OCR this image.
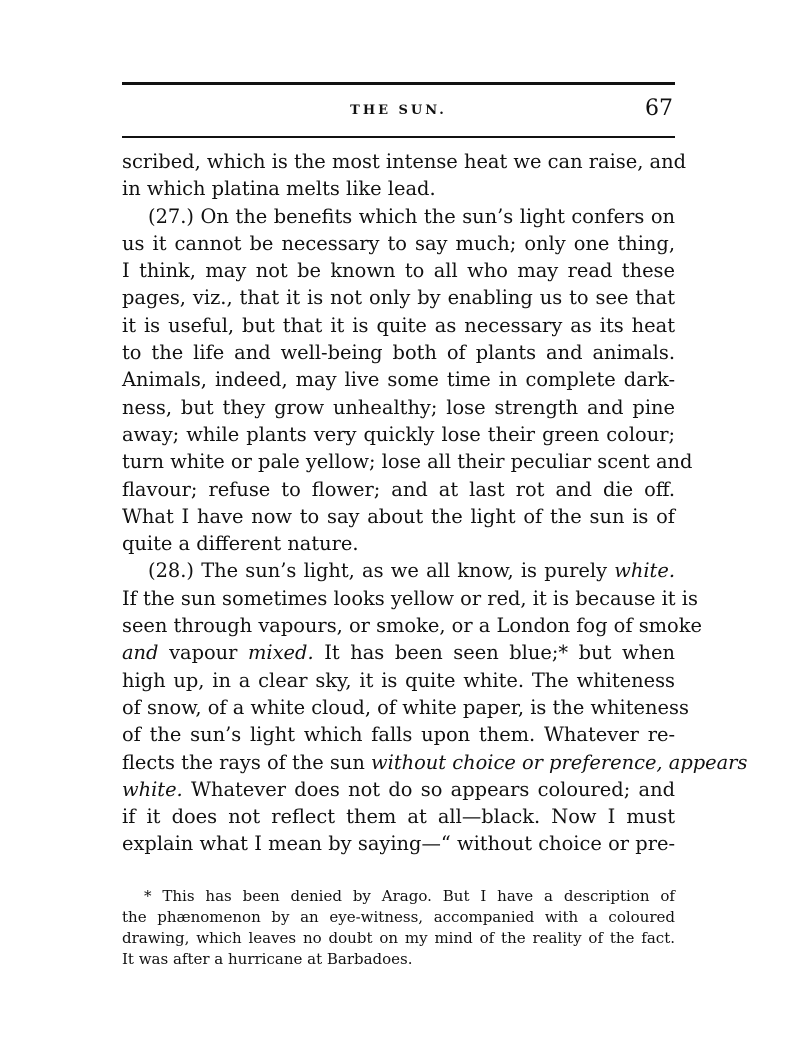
THE SUN.	67
scribed, which is the most intense heat we can raise, and
in which platina melts like lead.
(27.) On the benefits which the sun’s light confers on
us it cannot be necessary to say much; only one thing,
I think, may not be known to all who may read these
pages, viz., that it is not only by enabling us to see that
it is useful, but that it is quite as necessary as its heat
to the life and well-being both of plants and animals.
Animals, indeed, may live some time in complete dark-
ness, but they grow unhealthy; lose strength and pine
away; while plants very quickly lose their green colour;
turn white or pale yellow; lose all their peculiar scent and
flavour; refuse to flower; and at last rot and die off.
What I have now to say about the light of the sun is of
quite a different nature.
(28.) The sun’s light, as we all know, is purely white.
If the sun sometimes looks yellow or red, it is because it is
seen through vapours, or smoke, or a London fog of smoke
and vapour mixed. It has been seen blue;* but when
high up, in a clear sky, it is quite white. The whiteness
of snow, of a white cloud, of white paper, is the whiteness
of the sun’s light which falls upon them. Whatever re-
flects the rays of the sun without choice or preference, appears
white. Whatever does not do so appears coloured; and
if it does not reflect them at all—black. Now I must
explain what I mean by saying—“ without choice or pre-
* This has been denied by Arago. But I have a description of
the phænomenon by an eye-witness, accompanied with a coloured
drawing, which leaves no doubt on my mind of the reality of the fact.
It was after a hurricane at Barbadoes.
